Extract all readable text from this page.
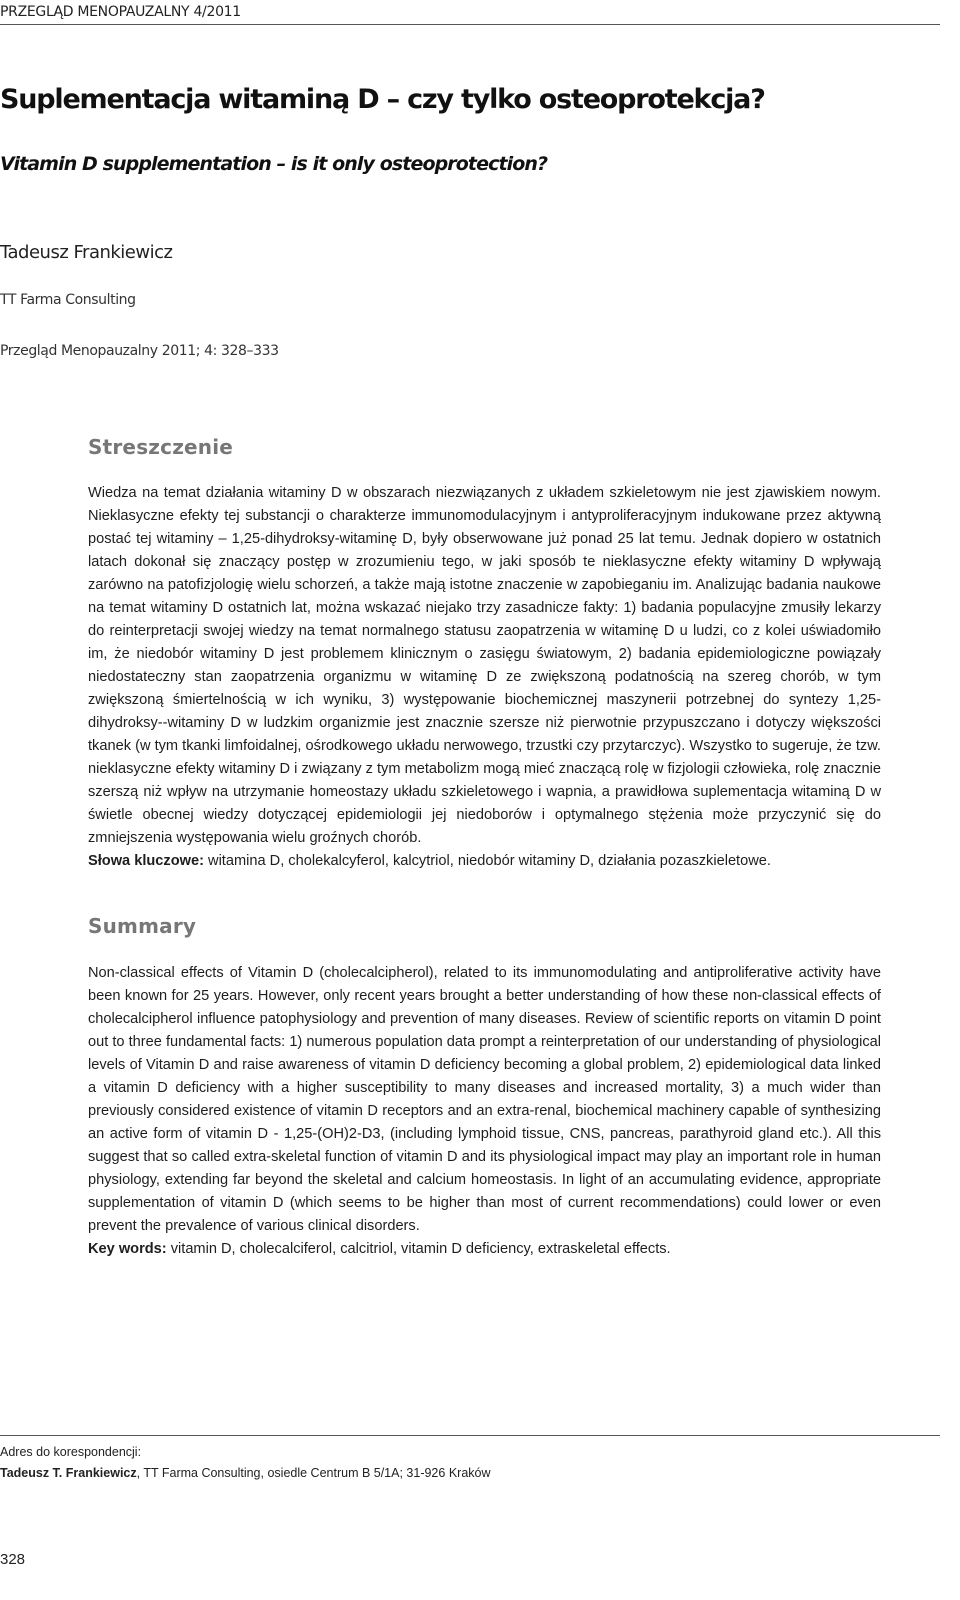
PRZEGLĄD MENOPAUZALNY 4/2011
Suplementacja witaminą D – czy tylko osteoprotekcja?
Vitamin D supplementation – is it only osteoprotection?
Tadeusz Frankiewicz
TT Farma Consulting
Przegląd Menopauzalny 2011; 4: 328–333
Streszczenie
Wiedza na temat działania witaminy D w obszarach niezwiązanych z układem szkieletowym nie jest zjawiskiem nowym. Nieklasyczne efekty tej substancji o charakterze immunomodulacyjnym i antyproliferacyjnym indukowane przez aktywną postać tej witaminy – 1,25-dihydroksy-witaminę D, były obserwowane już ponad 25 lat temu. Jednak dopiero w ostatnich latach dokonał się znaczący postęp w zrozumieniu tego, w jaki sposób te nieklasyczne efekty witaminy D wpływają zarówno na patofizjologię wielu schorzeń, a także mają istotne znaczenie w zapobieganiu im. Analizując badania naukowe na temat witaminy D ostatnich lat, można wskazać niejako trzy zasadnicze fakty: 1) badania populacyjne zmusiły lekarzy do reinterpretacji swojej wiedzy na temat normalnego statusu zaopatrzenia w witaminę D u ludzi, co z kolei uświadomiło im, że niedobór witaminy D jest problemem klinicznym o zasięgu światowym, 2) badania epidemiologiczne powiązały niedostateczny stan zaopatrzenia organizmu w witaminę D ze zwiększoną podatnością na szereg chorób, w tym zwiększoną śmiertelnością w ich wyniku, 3) występowanie biochemicznej maszynerii potrzebnej do syntezy 1,25-dihydroksy--witaminy D w ludzkim organizmie jest znacznie szersze niż pierwotnie przypuszczano i dotyczy większości tkanek (w tym tkanki limfoidalnej, ośrodkowego układu nerwowego, trzustki czy przytarczyc). Wszystko to sugeruje, że tzw. nieklasyczne efekty witaminy D i związany z tym metabolizm mogą mieć znaczącą rolę w fizjologii człowieka, rolę znacznie szerszą niż wpływ na utrzymanie homeostazy układu szkieletowego i wapnia, a prawidłowa suplementacja witaminą D w świetle obecnej wiedzy dotyczącej epidemiologii jej niedoborów i optymalnego stężenia może przyczynić się do zmniejszenia występowania wielu groźnych chorób.
Słowa kluczowe: witamina D, cholekalcyferol, kalcytriol, niedobór witaminy D, działania pozaszkieletowe.
Summary
Non-classical effects of Vitamin D (cholecalcipherol), related to its immunomodulating and antiproliferative activity have been known for 25 years. However, only recent years brought a better understanding of how these non-classical effects of cholecalcipherol influence patophysiology and prevention of many diseases. Review of scientific reports on vitamin D point out to three fundamental facts: 1) numerous population data prompt a reinterpretation of our understanding of physiological levels of Vitamin D and raise awareness of vitamin D deficiency becoming a global problem, 2) epidemiological data linked a vitamin D deficiency with a higher susceptibility to many diseases and increased mortality, 3) a much wider than previously considered existence of vitamin D receptors and an extra-renal, biochemical machinery capable of synthesizing an active form of vitamin D - 1,25-(OH)2-D3, (including lymphoid tissue, CNS, pancreas, parathyroid gland etc.). All this suggest that so called extra-skeletal function of vitamin D and its physiological impact may play an important role in human physiology, extending far beyond the skeletal and calcium homeostasis. In light of an accumulating evidence, appropriate supplementation of vitamin D (which seems to be higher than most of current recommendations) could lower or even prevent the prevalence of various clinical disorders.
Key words: vitamin D, cholecalciferol, calcitriol, vitamin D deficiency, extraskeletal effects.
Adres do korespondencji:
Tadeusz T. Frankiewicz, TT Farma Consulting, osiedle Centrum B 5/1A; 31-926 Kraków
328
